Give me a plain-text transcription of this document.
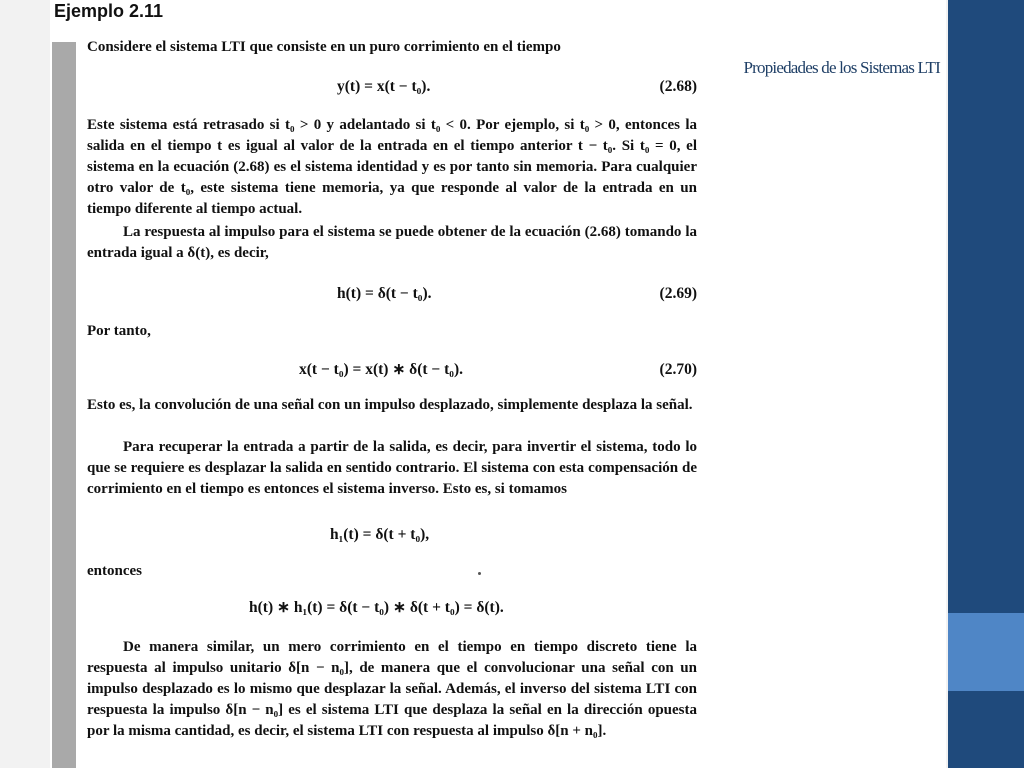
Ejemplo 2.11
Propiedades de los Sistemas LTI
Considere el sistema LTI que consiste en un puro corrimiento en el tiempo
y(t) = x(t − t₀).	(2.68)
Este sistema está retrasado si t₀ > 0 y adelantado si t₀ < 0. Por ejemplo, si t₀ > 0, entonces la salida en el tiempo t es igual al valor de la entrada en el tiempo anterior t − t₀. Si t₀ = 0, el sistema en la ecuación (2.68) es el sistema identidad y es por tanto sin memoria. Para cualquier otro valor de t₀, este sistema tiene memoria, ya que responde al valor de la entrada en un tiempo diferente al tiempo actual.
La respuesta al impulso para el sistema se puede obtener de la ecuación (2.68) tomando la entrada igual a δ(t), es decir,
h(t) = δ(t − t₀).	(2.69)
Por tanto,
x(t − t₀) = x(t) ∗ δ(t − t₀).	(2.70)
Esto es, la convolución de una señal con un impulso desplazado, simplemente desplaza la señal.
Para recuperar la entrada a partir de la salida, es decir, para invertir el sistema, todo lo que se requiere es desplazar la salida en sentido contrario. El sistema con esta compensación de corrimiento en el tiempo es entonces el sistema inverso. Esto es, si tomamos
h₁(t) = δ(t + t₀),
entonces
h(t) ∗ h₁(t) = δ(t − t₀) ∗ δ(t + t₀) = δ(t).
De manera similar, un mero corrimiento en el tiempo en tiempo discreto tiene la respuesta al impulso unitario δ[n − n₀], de manera que el convolucionar una señal con un impulso desplazado es lo mismo que desplazar la señal. Además, el inverso del sistema LTI con respuesta la impulso δ[n − n₀] es el sistema LTI que desplaza la señal en la dirección opuesta por la misma cantidad, es decir, el sistema LTI con respuesta al impulso δ[n + n₀].
